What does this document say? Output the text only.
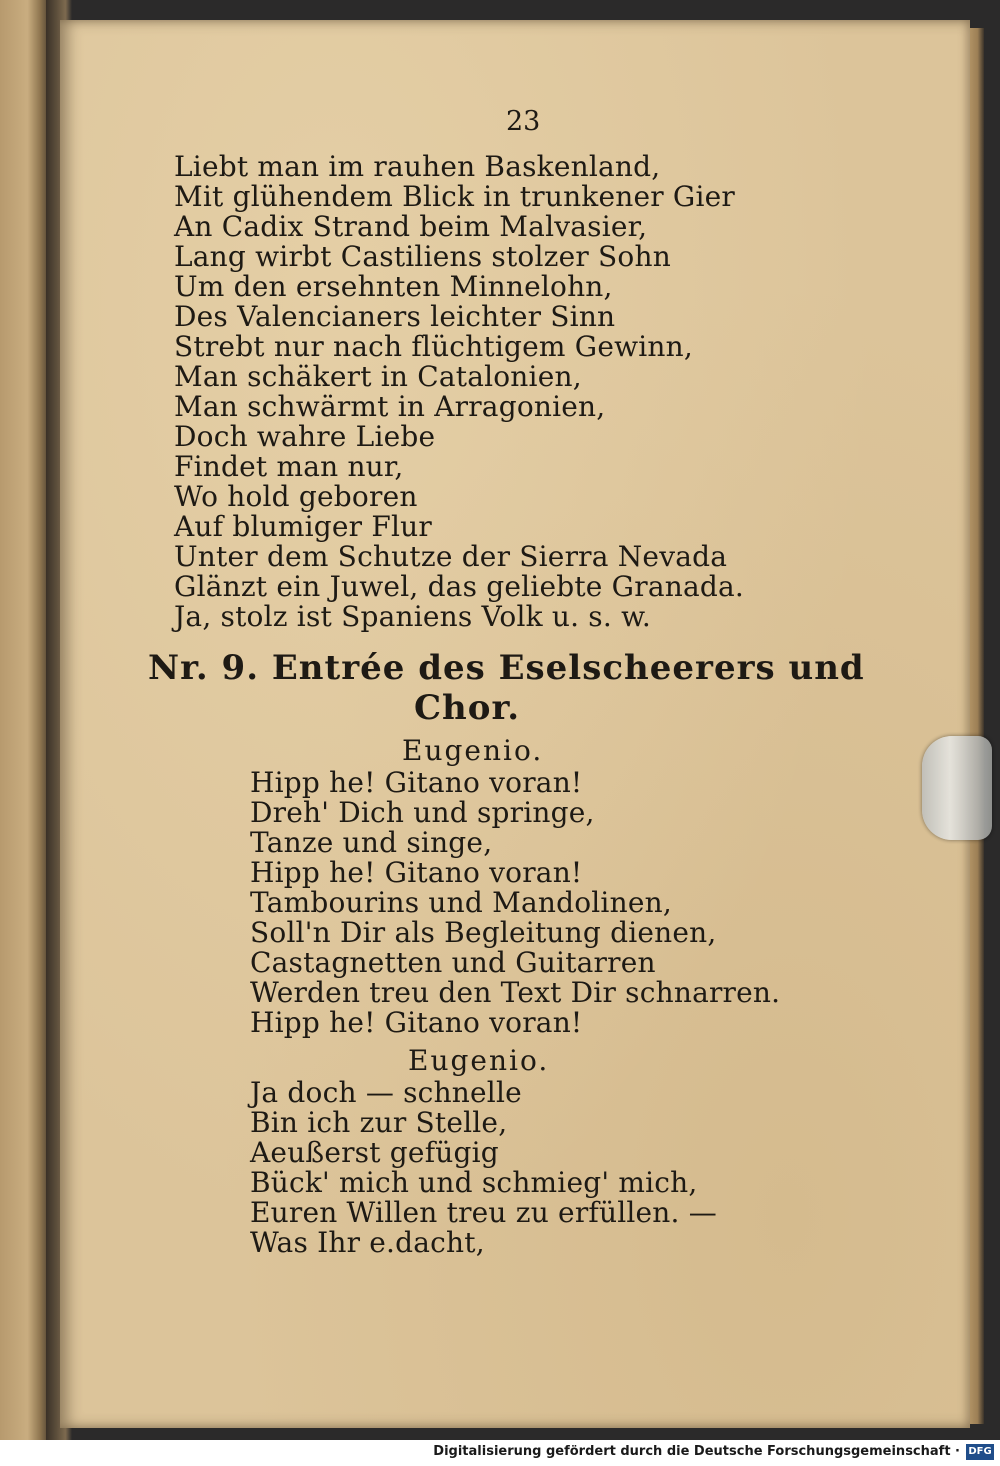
23
Liebt man im rauhen Baskenland,
Mit glühendem Blick in trunkener Gier
An Cadix Strand beim Malvasier,
Lang wirbt Castiliens stolzer Sohn
Um den ersehnten Minnelohn,
Des Valencianers leichter Sinn
Strebt nur nach flüchtigem Gewinn,
Man schäkert in Catalonien,
Man schwärmt in Arragonien,
Doch wahre Liebe
Findet man nur,
Wo hold geboren
Auf blumiger Flur
Unter dem Schutze der Sierra Nevada
Glänzt ein Juwel, das geliebte Granada.
Ja, stolz ist Spaniens Volk u. s. w.
Nr. 9. Entrée des Eselscheerers und
Chor.
Eugenio.
Hipp he! Gitano voran!
Dreh' Dich und springe,
Tanze und singe,
Hipp he! Gitano voran!
Tambourins und Mandolinen,
Soll'n Dir als Begleitung dienen,
Castagnetten und Guitarren
Werden treu den Text Dir schnarren.
Hipp he! Gitano voran!
Eugenio.
Ja doch — schnelle
Bin ich zur Stelle,
Aeußerst gefügig
Bück' mich und schmieg' mich,
Euren Willen treu zu erfüllen. —
Was Ihr e.dacht,
Digitalisierung gefördert durch die Deutsche Forschungsgemeinschaft · DFG
